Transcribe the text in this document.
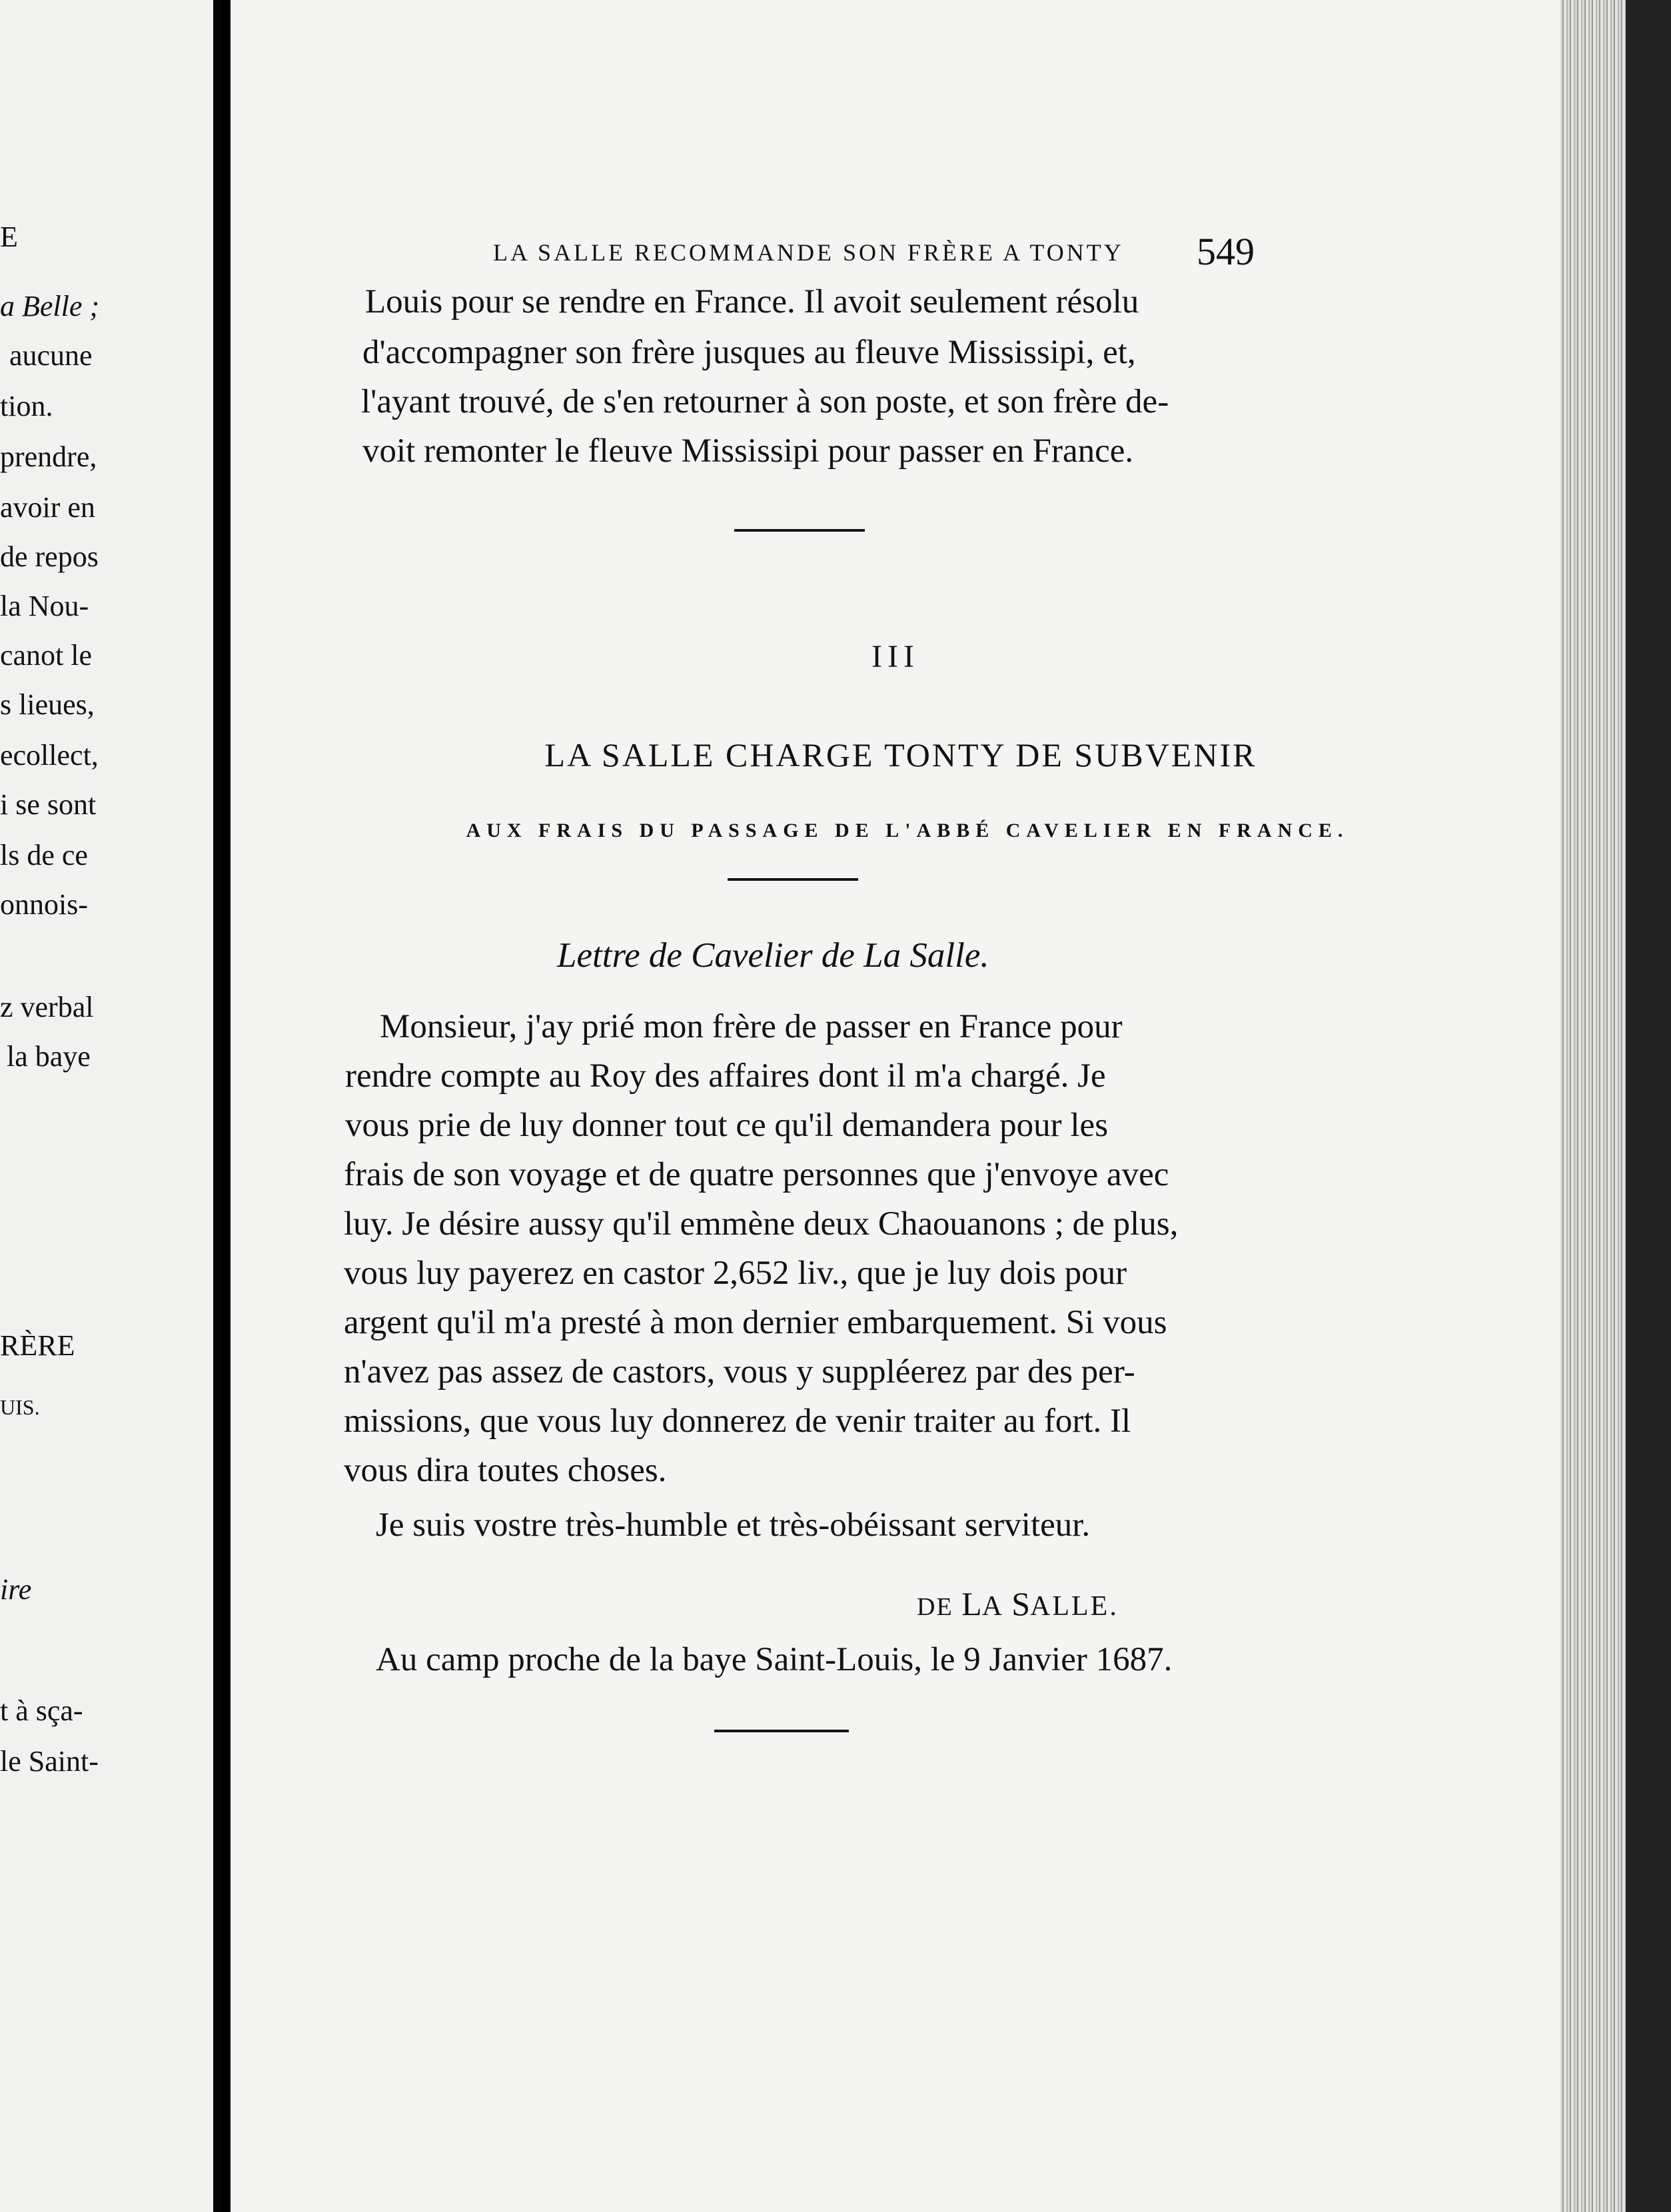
E
a Belle ;
aucune
tion.
prendre,
avoir en
de repos
la Nou-
canot le
s lieues,
ecollect,
i se sont
ls de ce
onnois-
z verbal
la baye
RÈRE
UIS.
ire
t à sça-
le Saint-
LA SALLE RECOMMANDE SON FRÈRE A TONTY 549
Louis pour se rendre en France. Il avoit seulement résolu
d'accompagner son frère jusques au fleuve Mississipi, et,
l'ayant trouvé, de s'en retourner à son poste, et son frère de-
voit remonter le fleuve Mississipi pour passer en France.
III
LA SALLE CHARGE TONTY DE SUBVENIR
AUX FRAIS DU PASSAGE DE L'ABBÉ CAVELIER EN FRANCE.
Lettre de Cavelier de La Salle.
Monsieur, j'ay prié mon frère de passer en France pour
rendre compte au Roy des affaires dont il m'a chargé. Je
vous prie de luy donner tout ce qu'il demandera pour les
frais de son voyage et de quatre personnes que j'envoye avec
luy. Je désire aussy qu'il emmène deux Chaouanons ; de plus,
vous luy payerez en castor 2,652 liv., que je luy dois pour
argent qu'il m'a presté à mon dernier embarquement. Si vous
n'avez pas assez de castors, vous y suppléerez par des per-
missions, que vous luy donnerez de venir traiter au fort. Il
vous dira toutes choses.
Je suis vostre très-humble et très-obéissant serviteur.
DE LA SALLE.
Au camp proche de la baye Saint-Louis, le 9 Janvier 1687.
